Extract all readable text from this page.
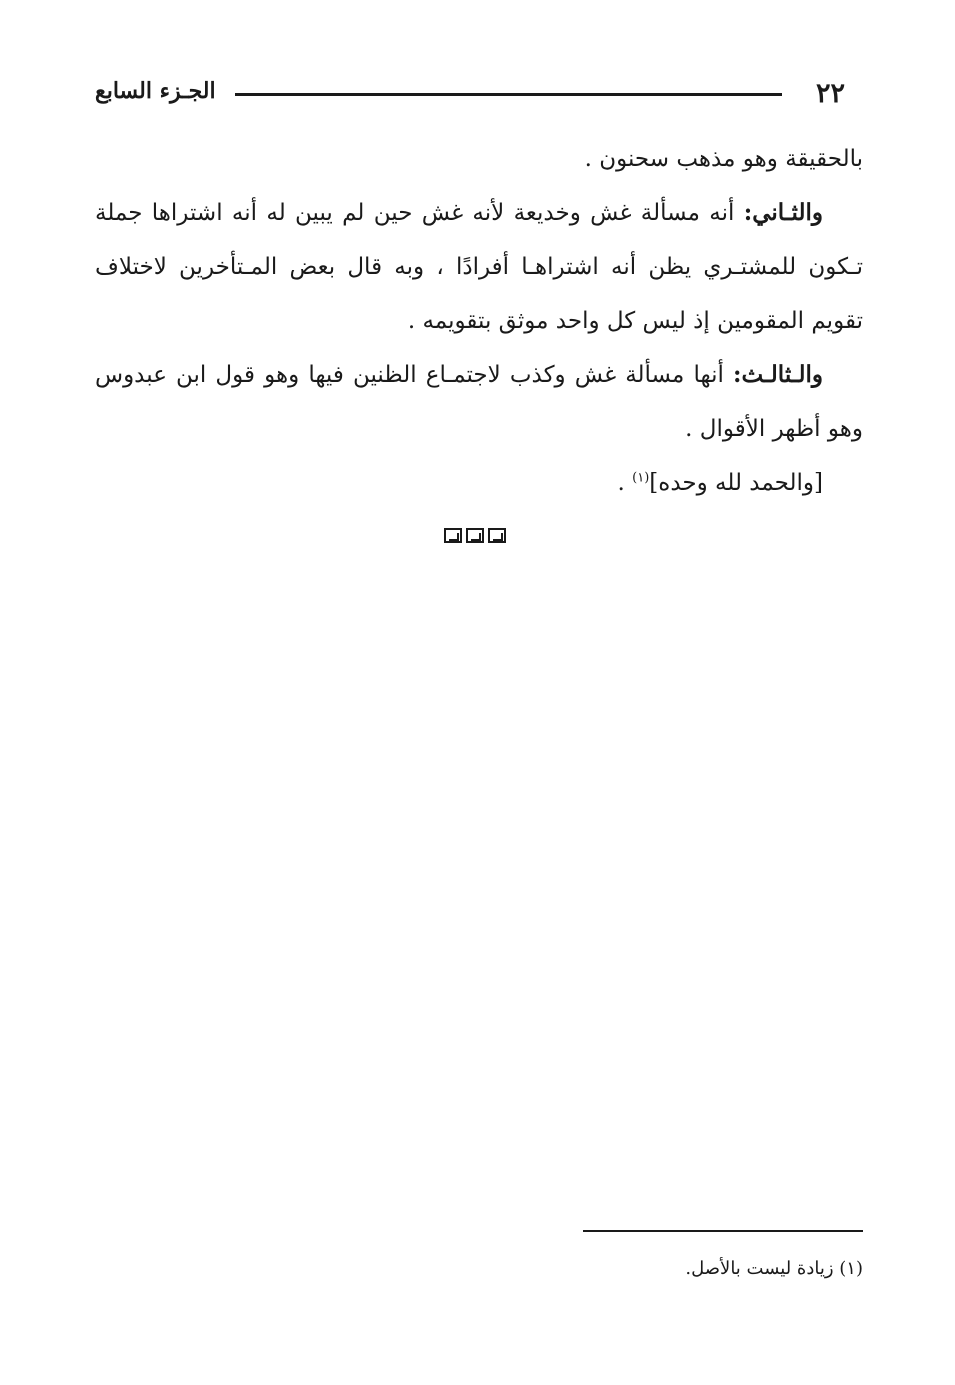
٢٢
الجـزء السابع

بالحقيقة وهو مذهب سحنون .

والثـاني: أنه مسألة غش وخديعة لأنه غش حين لم يبين له أنه اشتراها جملة تـكون للمشتـري يظن أنه اشتراهـا أفرادًا ، وبه قال بعض المـتأخرين لاختلاف تقويم المقومين إذ ليس كل واحد موثق بتقويمه .

والـثالـث: أنها مسألة غش وكذب لاجتمـاع الظنين فيها وهو قول ابن عبدوس وهو أظهر الأقوال .

[والحمد لله وحده]$^{(١)}$ .

(١) زيادة ليست بالأصل.
